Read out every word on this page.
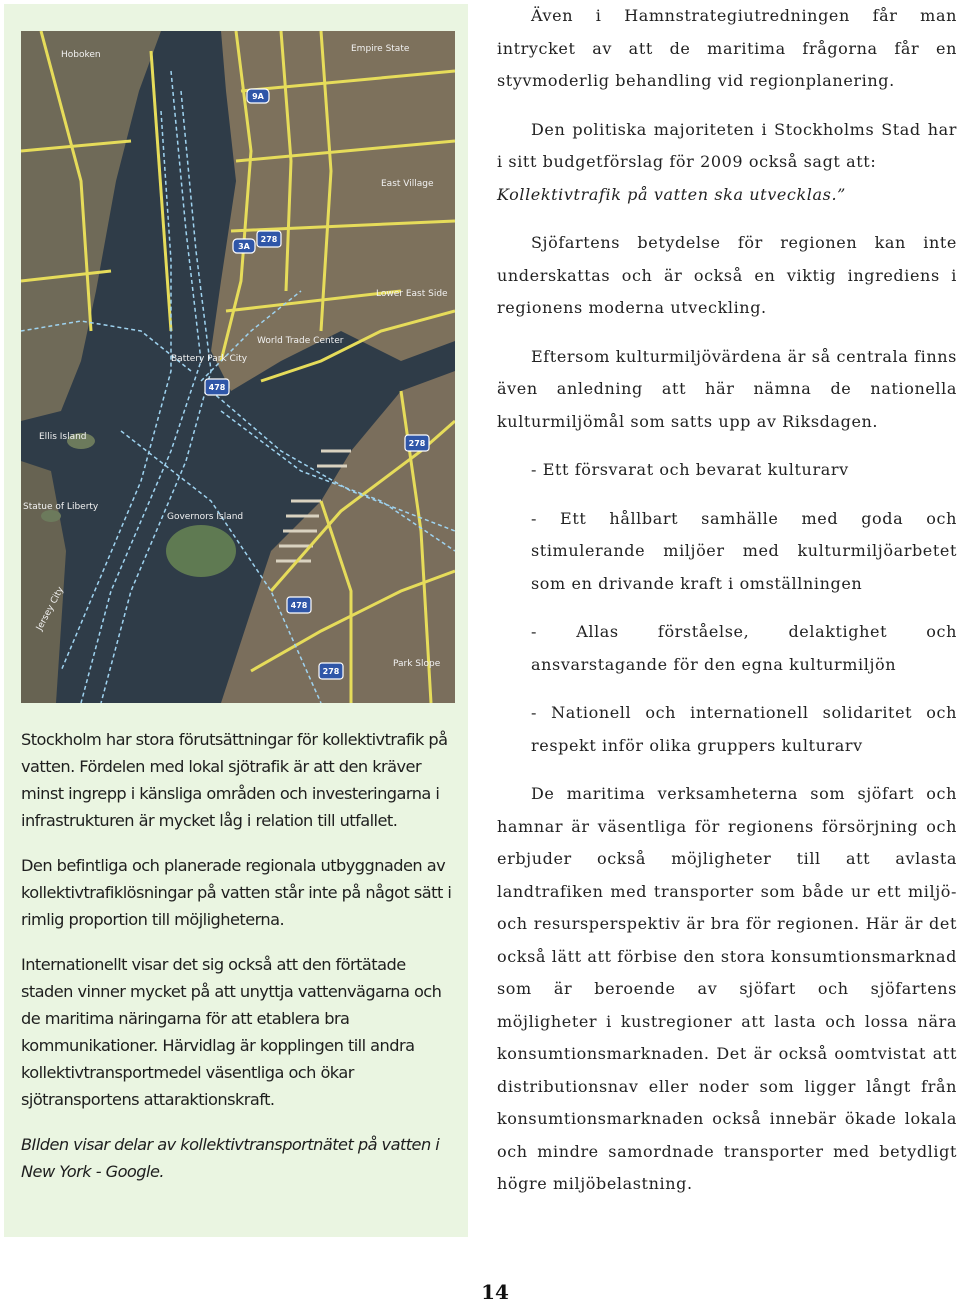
9A
3A
278
478
278
478
278
Hoboken
Empire State
East Village
Lower East Side
Battery Park City
World Trade Center
Ellis Island
Statue of Liberty
Governors Island
Park Slope
Jersey City

Stockholm har stora förutsättningar för kollektivtrafik på vatten. Fördelen med lokal sjötrafik är att den kräver minst ingrepp i känsliga områden och investeringarna i infrastrukturen är mycket låg i relation till utfallet.

Den befintliga och planerade regionala utbyggnaden av kollektivtrafiklösningar på vatten står inte på något sätt i rimlig proportion till möjligheterna.

Internationellt visar det sig också att den förtätade staden vinner mycket på att unyttja vattenvägarna och de maritima näringarna för att etablera bra kommunikationer. Härvidlag är kopplingen till andra kollektivtransportmedel väsentliga och ökar sjötransportens attaraktionskraft.

BIlden visar delar av kollektivtransportnätet på vatten i New York - Google.

Även i Hamnstrategiutredningen får man intrycket av att de maritima frågorna får en styvmoderlig behandling vid regionplanering.

Den politiska majoriteten i Stockholms Stad har i sitt budgetförslag för 2009 också sagt att:

Kollektivtrafik på vatten ska utvecklas.”

Sjöfartens betydelse för regionen kan inte underskattas och är också en viktig ingrediens i regionens moderna utveckling.

Eftersom kulturmiljövärdena är så centrala finns även anledning att här nämna de nationella kulturmiljömål som satts upp av Riksdagen.

- Ett försvarat och bevarat kulturarv

- Ett hållbart samhälle med goda och stimulerande miljöer med kulturmiljöarbetet som en drivande kraft i omställningen

- Allas förståelse, delaktighet och ansvarstagande för den egna kulturmiljön

- Nationell och internationell solidaritet och respekt inför olika gruppers kulturarv

De maritima verksamheterna som sjöfart och hamnar är väsentliga för regionens försörjning och erbjuder också möjligheter till att avlasta landtrafiken med transporter som både ur ett miljö- och resursperspektiv är bra för regionen. Här är det också lätt att förbise den stora konsumtionsmarknad som är beroende av sjöfart och sjöfartens möjligheter i kustregioner att lasta och lossa nära konsumtionsmarknaden. Det är också oomtvistat att distributionsnav eller noder som ligger långt från konsumtionsmarknaden också innebär ökade lokala och mindre samordnade transporter med betydligt högre miljöbelastning.

14
